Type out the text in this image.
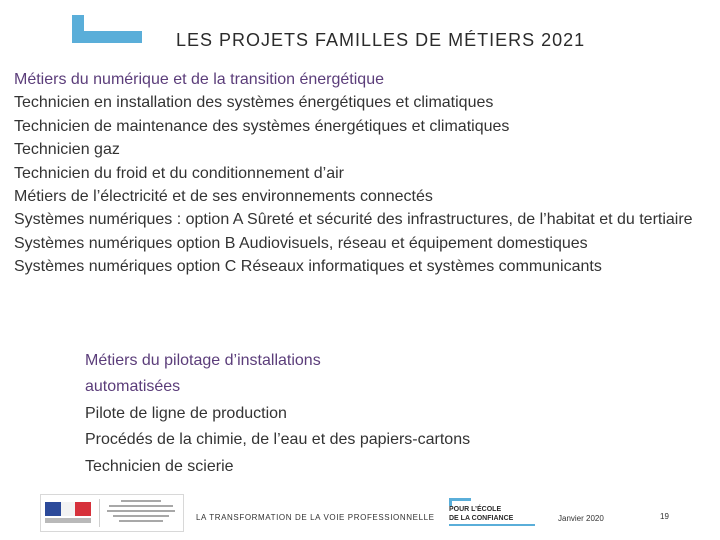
LES PROJETS FAMILLES DE MÉTIERS 2021
Métiers du numérique et de la transition énergétique
Technicien en installation des systèmes énergétiques et climatiques
Technicien de maintenance des systèmes énergétiques et climatiques
Technicien gaz
Technicien du froid et du conditionnement d’air
Métiers de l’électricité et de ses environnements connectés
Systèmes numériques : option A Sûreté et sécurité des infrastructures, de l’habitat et du tertiaire
Systèmes numériques option B Audiovisuels, réseau et équipement domestiques
Systèmes numériques option C Réseaux informatiques et systèmes communicants
Métiers du pilotage d’installations
automatisées
Pilote de ligne de production
Procédés de la chimie, de l’eau et des papiers-cartons
Technicien de scierie
LA TRANSFORMATION DE LA VOIE PROFESSIONNELLE
POUR L’ÉCOLE
DE LA CONFIANCE	Janvier 2020	19
